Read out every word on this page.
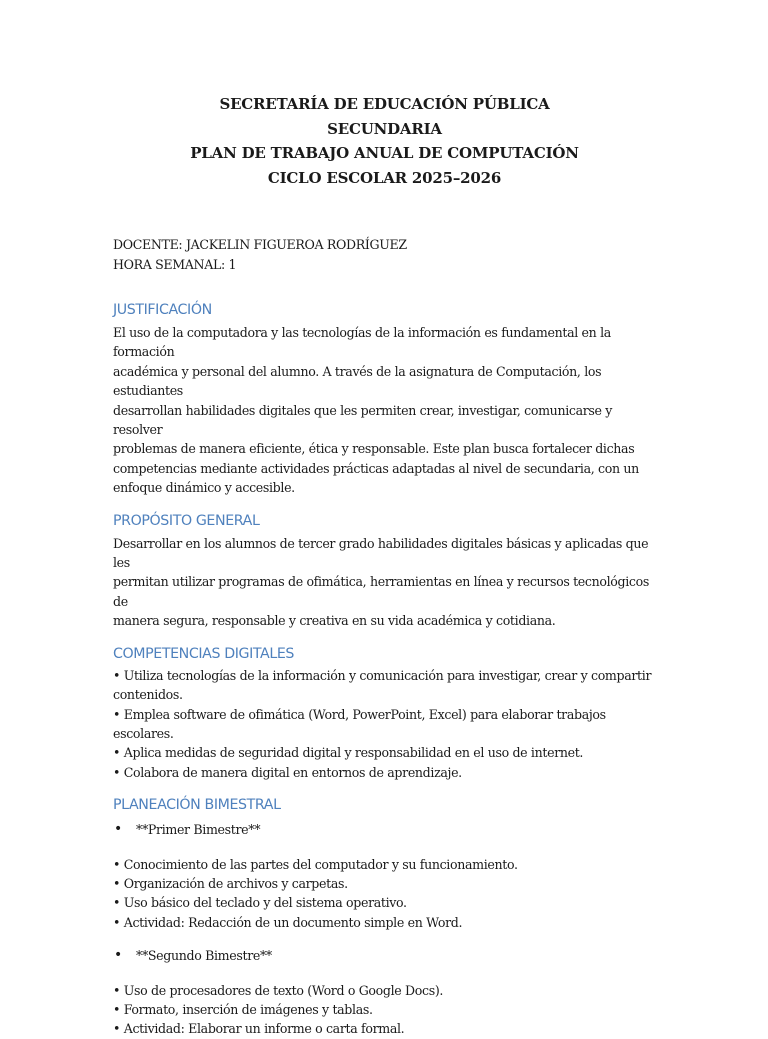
SECRETARÍA DE EDUCACIÓN PÚBLICA
SECUNDARIA
PLAN DE TRABAJO ANUAL DE COMPUTACIÓN
CICLO ESCOLAR 2025–2026
DOCENTE: JACKELIN FIGUEROA RODRÍGUEZ
HORA SEMANAL: 1
JUSTIFICACIÓN
El uso de la computadora y las tecnologías de la información es fundamental en la formación
académica y personal del alumno. A través de la asignatura de Computación, los estudiantes
desarrollan habilidades digitales que les permiten crear, investigar, comunicarse y resolver
problemas de manera eficiente, ética y responsable. Este plan busca fortalecer dichas
competencias mediante actividades prácticas adaptadas al nivel de secundaria, con un
enfoque dinámico y accesible.
PROPÓSITO GENERAL
Desarrollar en los alumnos de tercer grado habilidades digitales básicas y aplicadas que les
permitan utilizar programas de ofimática, herramientas en línea y recursos tecnológicos de
manera segura, responsable y creativa en su vida académica y cotidiana.
COMPETENCIAS DIGITALES
• Utiliza tecnologías de la información y comunicación para investigar, crear y compartir
contenidos.
• Emplea software de ofimática (Word, PowerPoint, Excel) para elaborar trabajos escolares.
• Aplica medidas de seguridad digital y responsabilidad en el uso de internet.
• Colabora de manera digital en entornos de aprendizaje.
PLANEACIÓN BIMESTRAL
•	**Primer Bimestre**
• Conocimiento de las partes del computador y su funcionamiento.
• Organización de archivos y carpetas.
• Uso básico del teclado y del sistema operativo.
• Actividad: Redacción de un documento simple en Word.
•	**Segundo Bimestre**
• Uso de procesadores de texto (Word o Google Docs).
• Formato, inserción de imágenes y tablas.
• Actividad: Elaborar un informe o carta formal.
